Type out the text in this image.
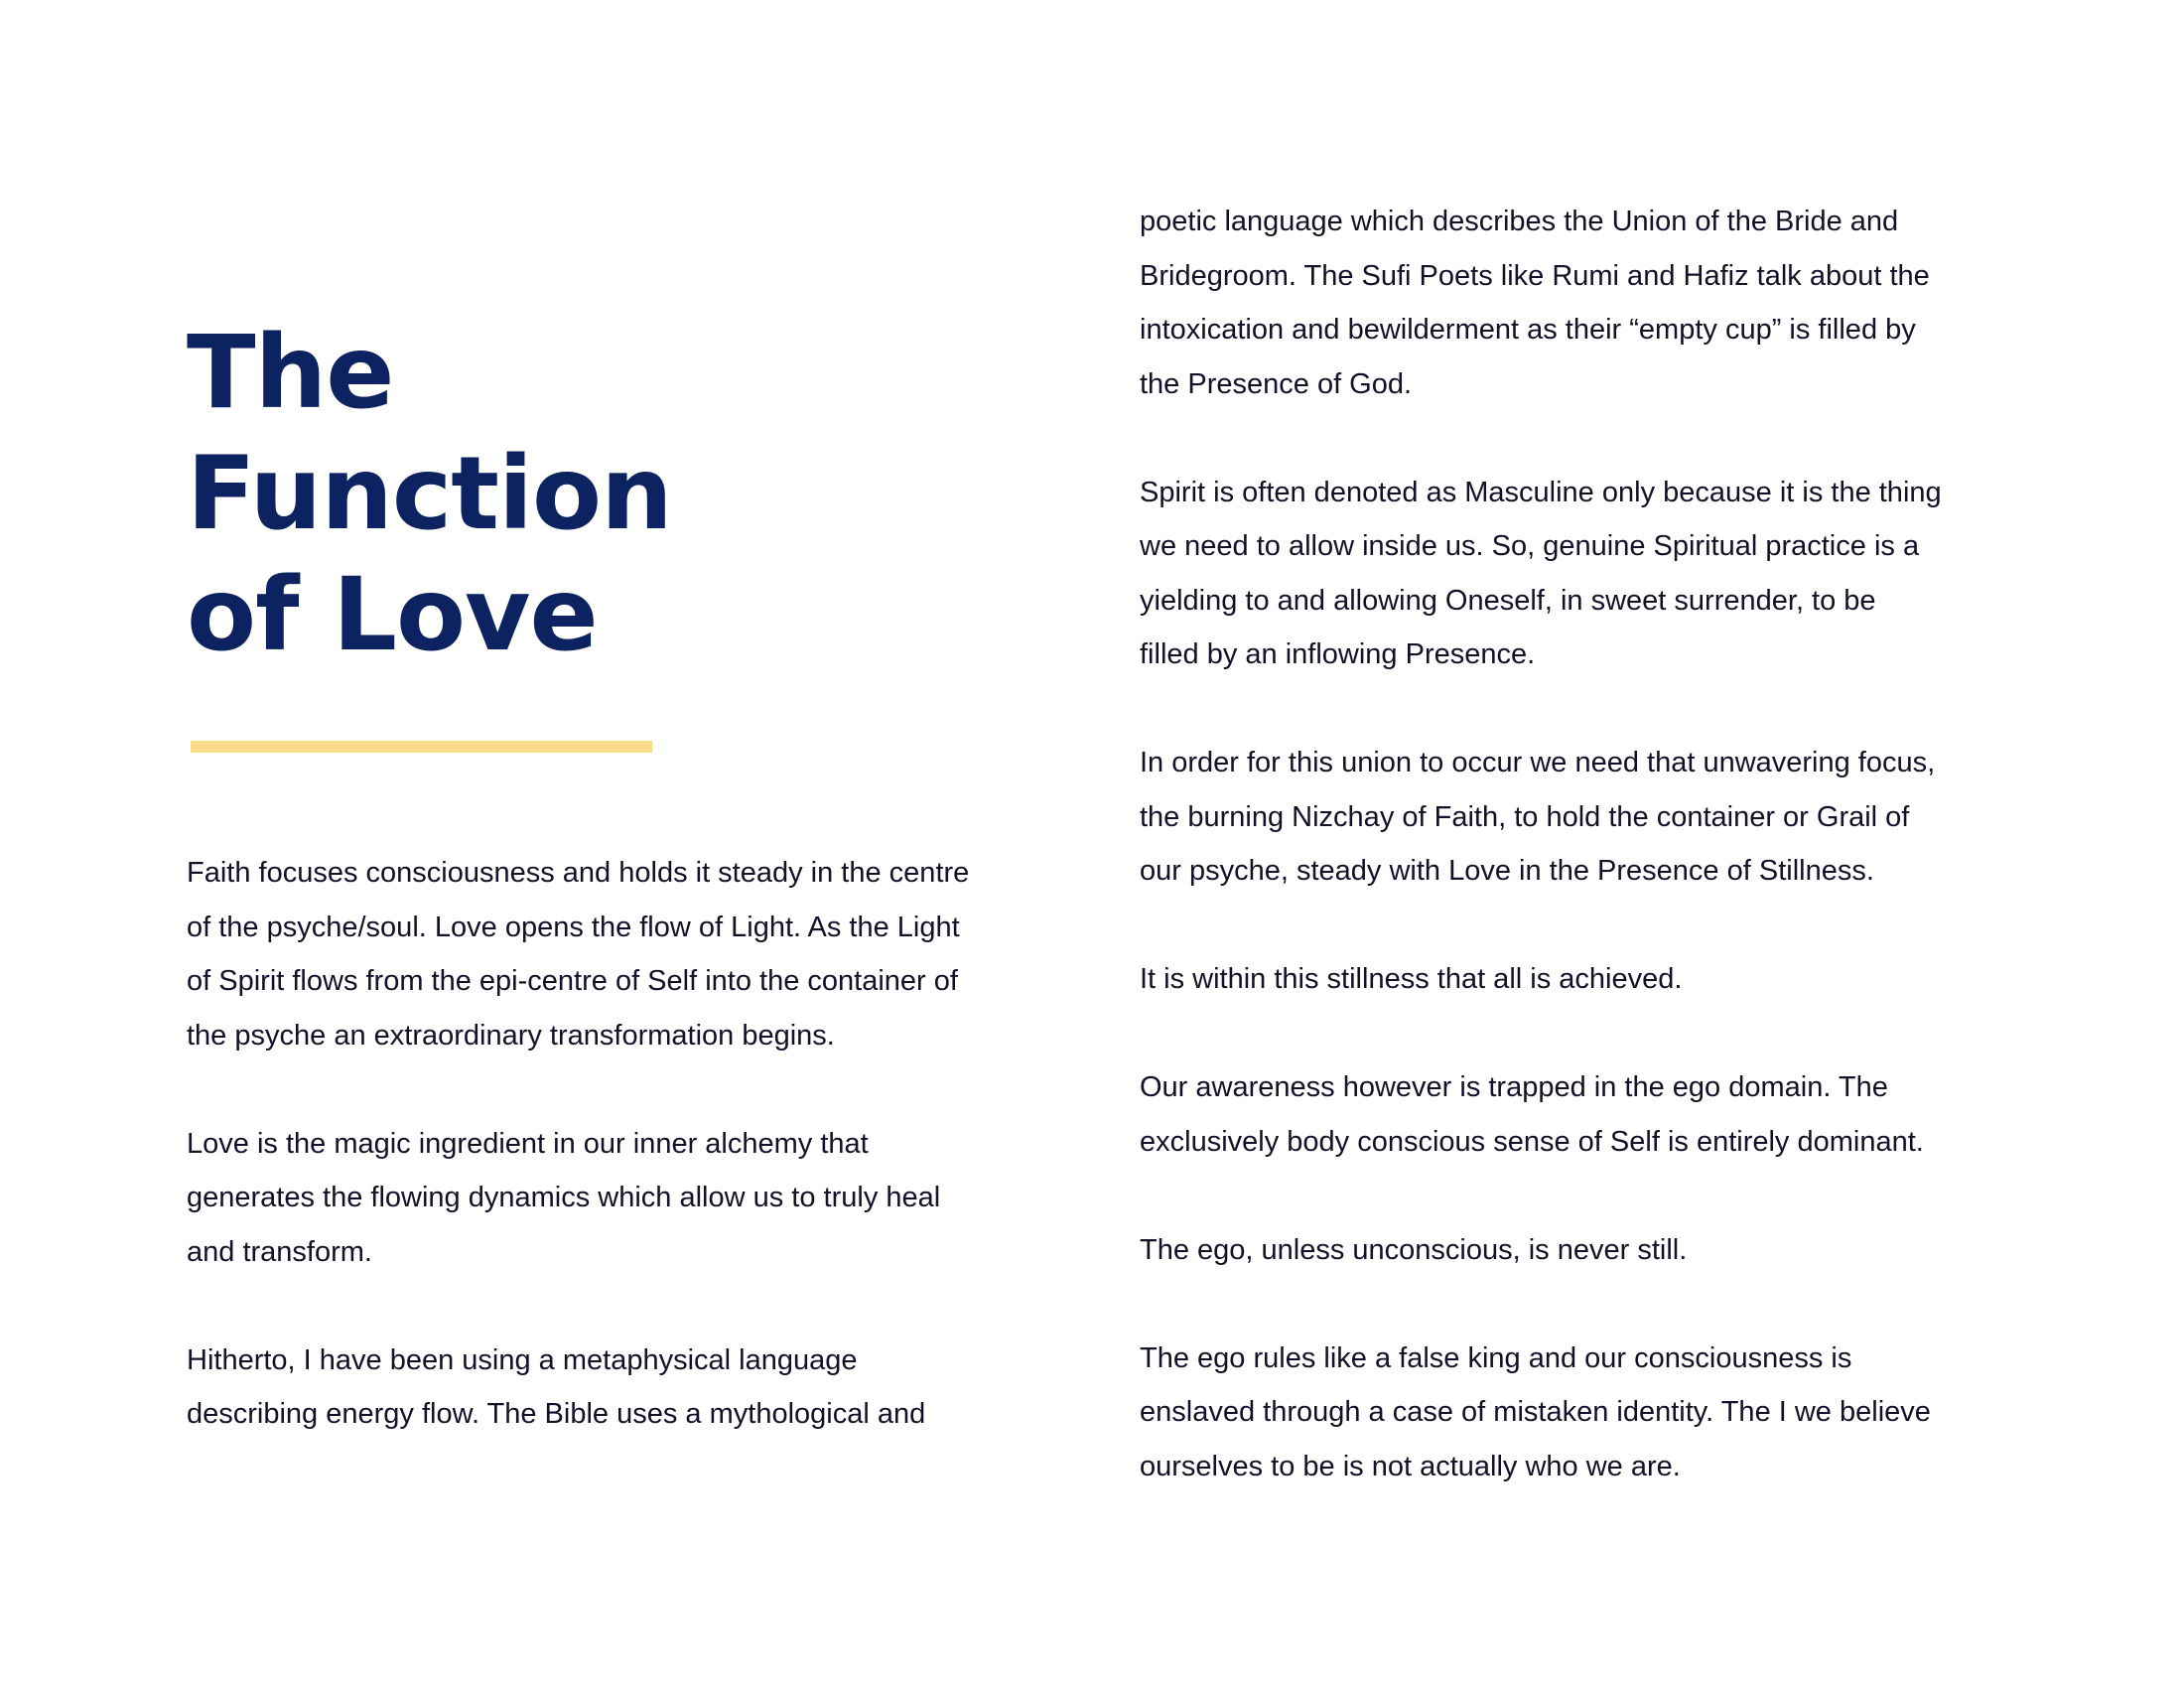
The
Function
of Love

Faith focuses consciousness and holds it steady in the centre
of the psyche/soul. Love opens the flow of Light. As the Light
of Spirit flows from the epi-centre of Self into the container of
the psyche an extraordinary transformation begins.

Love is the magic ingredient in our inner alchemy that
generates the flowing dynamics which allow us to truly heal
and transform.

Hitherto, I have been using a metaphysical language
describing energy flow. The Bible uses a mythological and

poetic language which describes the Union of the Bride and
Bridegroom. The Sufi Poets like Rumi and Hafiz talk about the
intoxication and bewilderment as their “empty cup” is filled by
the Presence of God.

Spirit is often denoted as Masculine only because it is the thing
we need to allow inside us. So, genuine Spiritual practice is a
yielding to and allowing Oneself, in sweet surrender, to be
filled by an inflowing Presence.

In order for this union to occur we need that unwavering focus,
the burning Nizchay of Faith, to hold the container or Grail of
our psyche, steady with Love in the Presence of Stillness.

It is within this stillness that all is achieved.

Our awareness however is trapped in the ego domain. The
exclusively body conscious sense of Self is entirely dominant.

The ego, unless unconscious, is never still.

The ego rules like a false king and our consciousness is
enslaved through a case of mistaken identity. The I we believe
ourselves to be is not actually who we are.
